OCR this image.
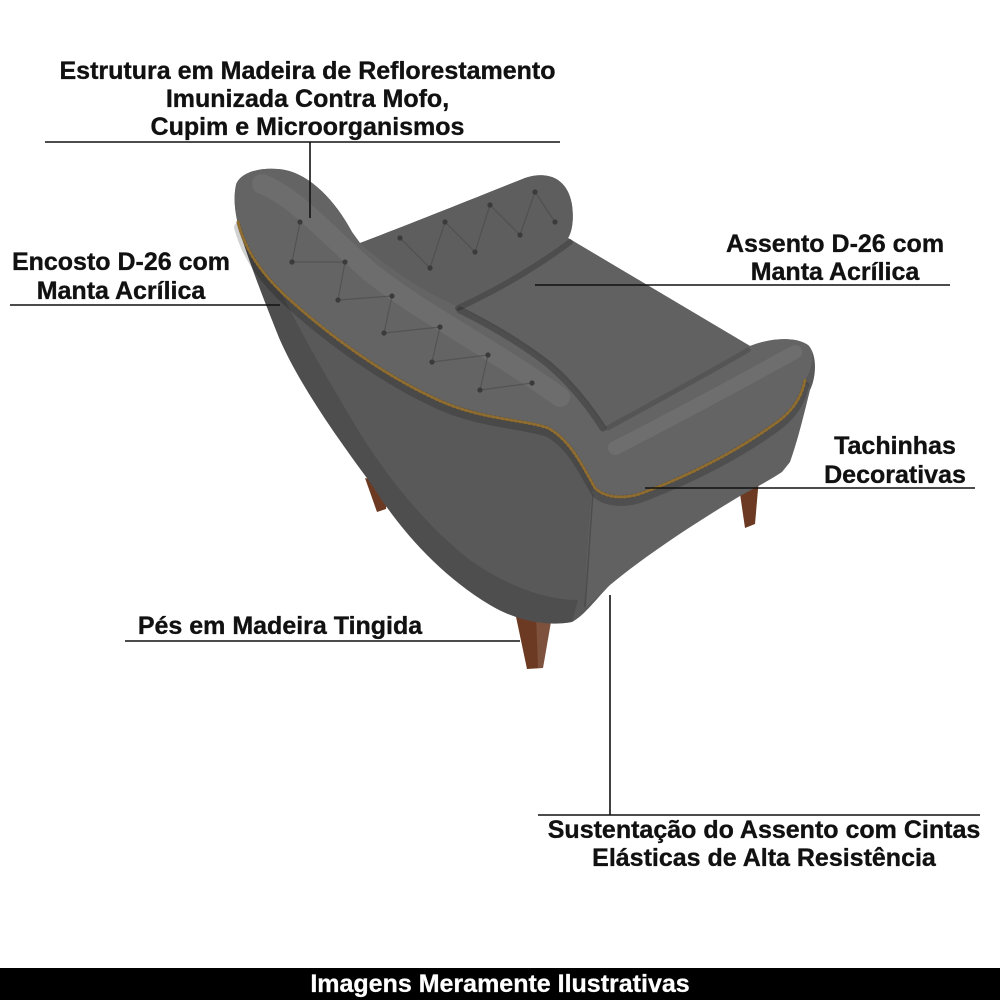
Estrutura em Madeira de Reflorestamento
Imunizada Contra Mofo,
Cupim e Microorganismos
Encosto D-26 com
Manta Acrílica
Assento D-26 com
Manta Acrílica
Tachinhas
Decorativas
Pés em Madeira Tingida
Sustentação do Assento com Cintas
Elásticas de Alta Resistência
Imagens Meramente Ilustrativas
